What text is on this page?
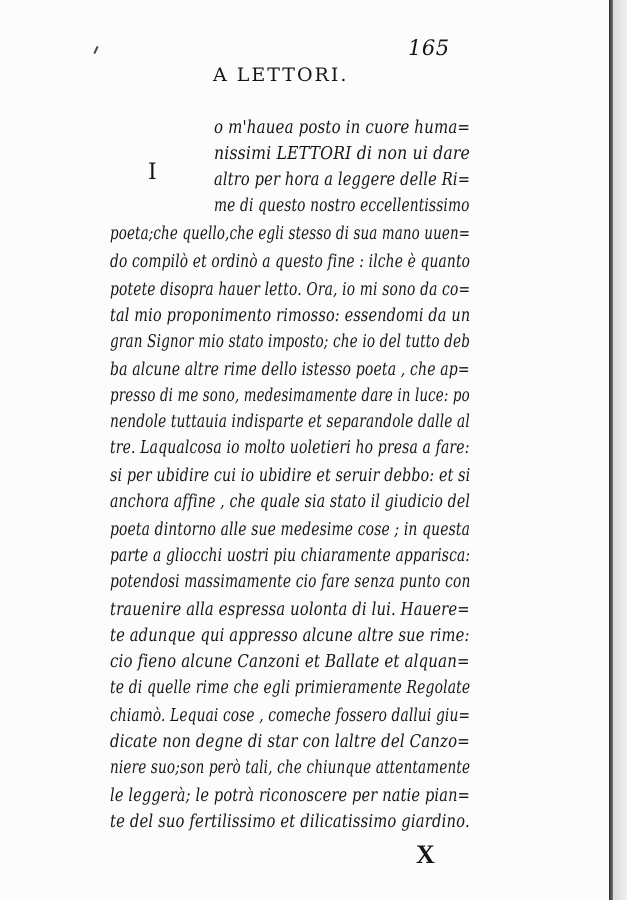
165
A LETTORI.
I
o m'hauea posto in cuore huma=
nissimi LETTORI di non ui dare
altro per hora a leggere delle Ri=
me di questo nostro eccellentissimo
poeta;che quello,che egli stesso di sua mano uuen=
do compilò et ordinò a questo fine : ilche è quanto
potete disopra hauer letto. Ora, io mi sono da co=
tal mio proponimento rimosso: essendomi da un
gran Signor mio stato imposto; che io del tutto deb
ba alcune altre rime dello istesso poeta , che ap=
presso di me sono, medesimamente dare in luce: po
nendole tuttauia indisparte et separandole dalle al
tre. Laqualcosa io molto uoletieri ho presa a fare:
si per ubidire cui io ubidire et seruir debbo: et si
anchora affine , che quale sia stato il giudicio del
poeta dintorno alle sue medesime cose ; in questa
parte a gliocchi uostri piu chiaramente apparisca:
potendosi massimamente cio fare senza punto con
trauenire alla espressa uolonta di lui. Hauere=
te adunque qui appresso alcune altre sue rime:
cio fieno alcune Canzoni et Ballate et alquan=
te di quelle rime che egli primieramente Regolate
chiamò. Lequai cose , comeche fossero dallui giu=
dicate non degne di star con laltre del Canzo=
niere suo;son però tali, che chiunque attentamente
le leggerà; le potrà riconoscere per natie pian=
te del suo fertilissimo et dilicatissimo giardino.
X
